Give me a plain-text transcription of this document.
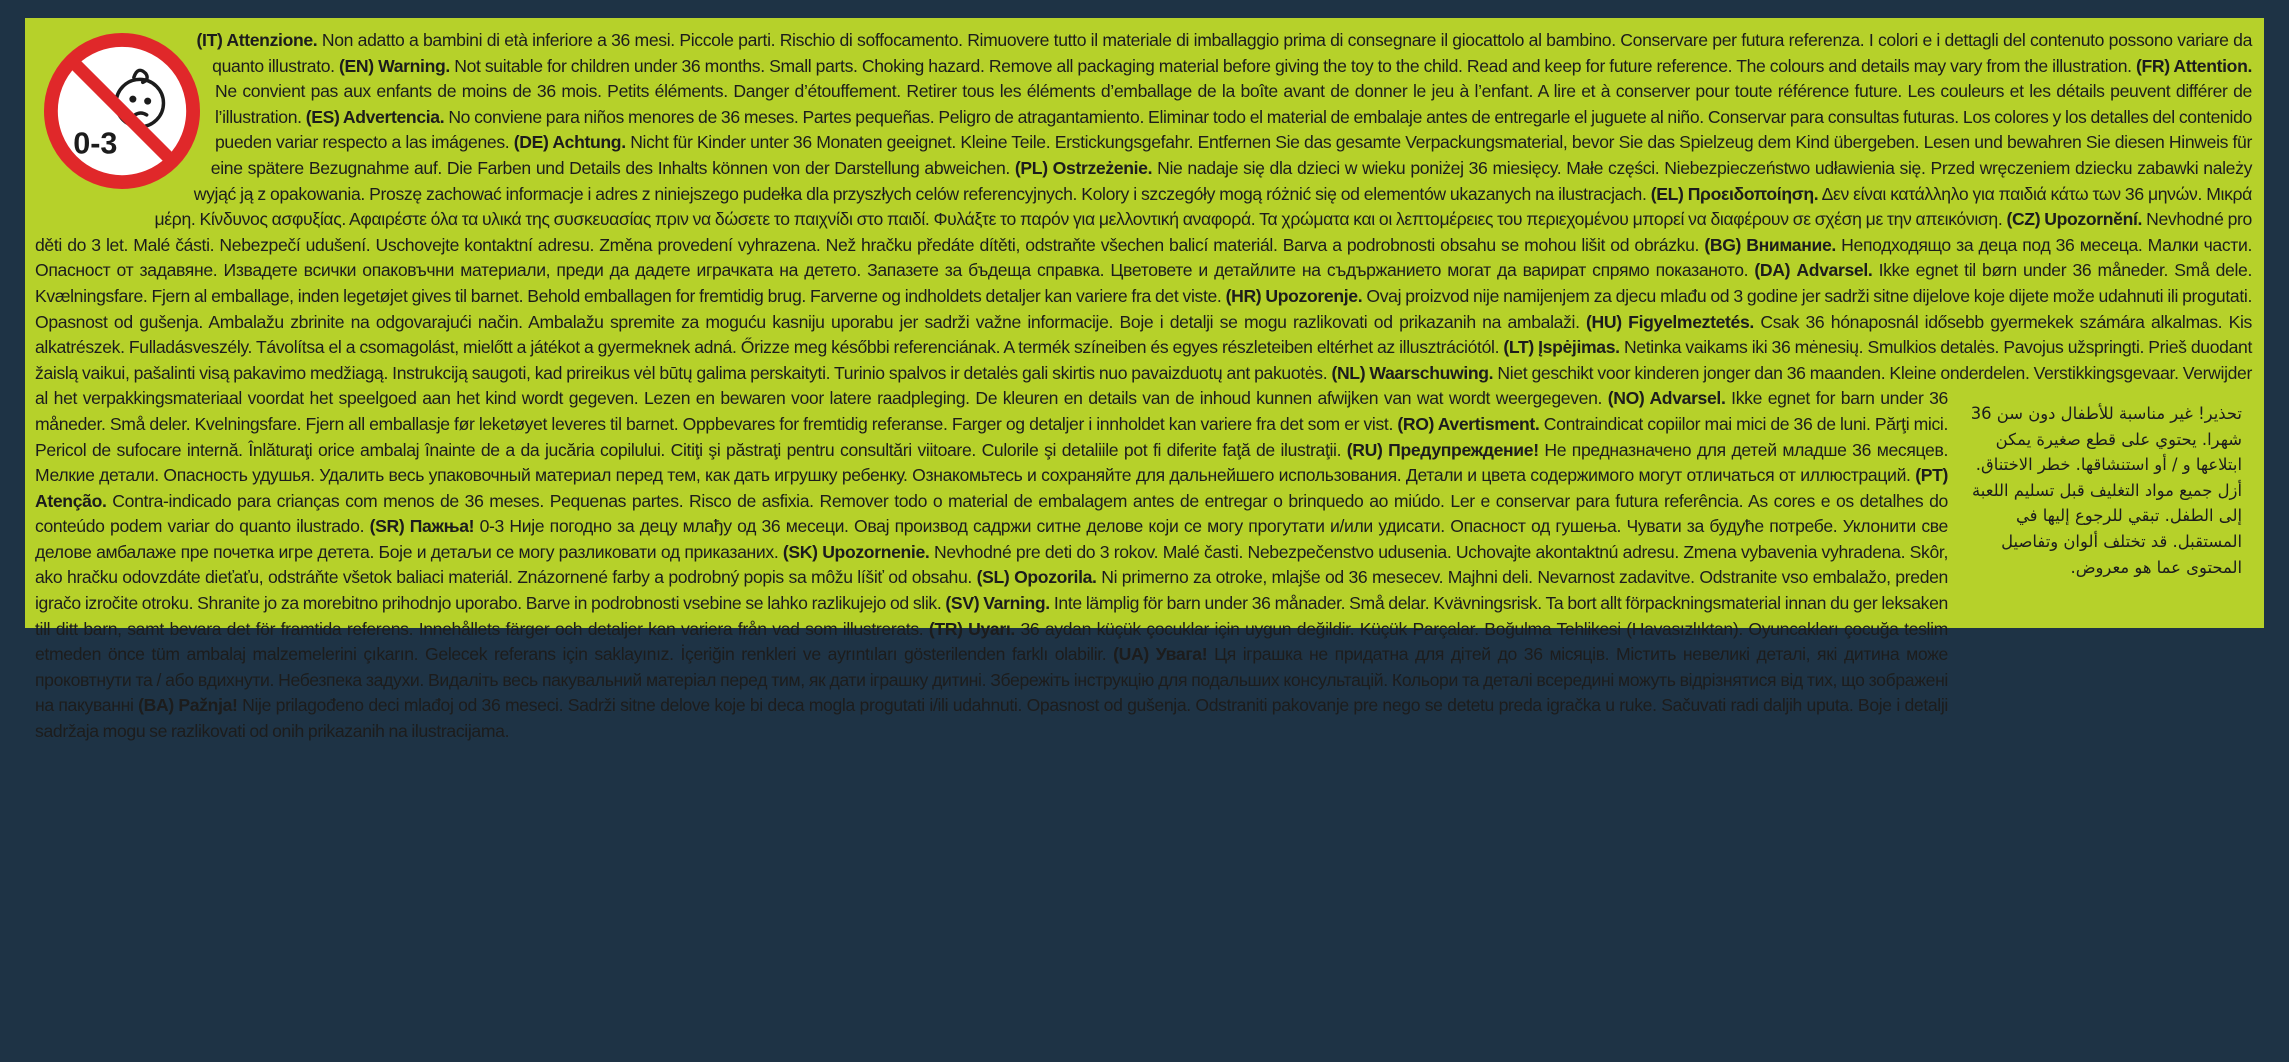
0-3
(IT) Attenzione. Non adatto a bambini di età inferiore a 36 mesi. Piccole parti. Rischio di soffocamento. Rimuovere tutto il materiale di imballaggio prima di consegnare il giocattolo al bambino. Conservare per futura referenza. I colori e i dettagli del contenuto possono variare da quanto illustrato. (EN) Warning. Not suitable for children under 36 months. Small parts. Choking hazard. Remove all packaging material before giving the toy to the child. Read and keep for future reference. The colours and details may vary from the illustration. (FR) Attention. Ne convient pas aux enfants de moins de 36 mois. Petits éléments. Danger d’étouffement. Retirer tous les éléments d’emballage de la boîte avant de donner le jeu à l’enfant. A lire et à conserver pour toute référence future. Les couleurs et les détails peuvent différer de l’illustration. (ES) Advertencia. No conviene para niños menores de 36 meses. Partes pequeñas. Peligro de atragantamiento. Eliminar todo el material de embalaje antes de entregarle el juguete al niño. Conservar para consultas futuras. Los colores y los detalles del contenido pueden variar respecto a las imágenes. (DE) Achtung. Nicht für Kinder unter 36 Monaten geeignet. Kleine Teile. Erstickungsgefahr. Entfernen Sie das gesamte Verpackungsmaterial, bevor Sie das Spielzeug dem Kind übergeben. Lesen und bewahren Sie diesen Hinweis für eine spätere Bezugnahme auf. Die Farben und Details des Inhalts können von der Darstellung abweichen. (PL) Ostrzeżenie. Nie nadaje się dla dzieci w wieku poniżej 36 miesięcy. Małe części. Niebezpieczeństwo udławienia się. Przed wręczeniem dziecku zabawki należy wyjąć ją z opakowania. Proszę zachować informacje i adres z niniejszego pudełka dla przyszłych celów referencyjnych. Kolory i szczegóły mogą różnić się od elementów ukazanych na ilustracjach. (EL) Προειδοποίηση. Δεν είναι κατάλληλο για παιδιά κάτω των 36 μηνών. Μικρά μέρη. Κίνδυνος ασφυξίας. Αφαιρέστε όλα τα υλικά της συσκευασίας πριν να δώσετε το παιχνίδι στο παιδί. Φυλάξτε το παρόν για μελλοντική αναφορά. Τα χρώματα και οι λεπτομέρειες του περιεχομένου μπορεί να διαφέρουν σε σχέση με την απεικόνιση. (CZ) Upozornění. Nevhodné pro děti do 3 let. Malé části. Nebezpečí udušení. Uschovejte kontaktní adresu. Změna provedení vyhrazena. Než hračku předáte dítěti, odstraňte všechen balicí materiál. Barva a podrobnosti obsahu se mohou lišit od obrázku. (BG) Внимание. Неподходящо за деца под 36 месеца. Малки части. Опасност от задавяне. Извадете всички опаковъчни материали, преди да дадете играчката на детето. Запазете за бъдеща справка. Цветовете и детайлите на съдържанието могат да варират спрямо показаното. (DA) Advarsel. Ikke egnet til børn under 36 måneder. Små dele. Kvælningsfare. Fjern al emballage, inden legetøjet gives til barnet. Behold emballagen for fremtidig brug. Farverne og indholdets detaljer kan variere fra det viste. (HR) Upozorenje. Ovaj proizvod nije namijenjem za djecu mlađu od 3 godine jer sadrži sitne dijelove koje dijete može udahnuti ili progutati. Opasnost od gušenja. Ambalažu zbrinite na odgovarajući način. Ambalažu spremite za moguću kasniju uporabu jer sadrži važne informacije. Boje i detalji se mogu razlikovati od prikazanih na ambalaži. (HU) Figyelmeztetés. Csak 36 hónaposnál idősebb gyermekek számára alkalmas. Kis alkatrészek. Fulladásveszély. Távolítsa el a csomagolást, mielőtt a játékot a gyermeknek adná. Őrizze meg későbbi referenciának. A termék színeiben és egyes részleteiben eltérhet az illusztrációtól. (LT) Įspėjimas. Netinka vaikams iki 36 mėnesių. Smulkios detalės. Pavojus užspringti. Prieš duodant žaislą vaikui, pašalinti visą pakavimo medžiagą. Instrukciją saugoti, kad prireikus vėl būtų galima perskaityti. Turinio spalvos ir detalės gali skirtis nuo pavaizduotų ant pakuotės. (NL) Waarschuwing. Niet geschikt voor kinderen jonger dan 36 maanden. Kleine onderdelen. Verstikkingsgevaar. Verwijder al het verpakkingsmateriaal voordat het speelgoed aan het kind wordt gegeven. Lezen en bewaren voor latere raadpleging. De kleuren en details van de inhoud kunnen afwijken van wat wordt weergegeven. (NO) Advarsel. Ikke egnet for barn under 36 måneder. Små deler. Kvelningsfare. Fjern all emballasje før leketøyet leveres til barnet. Oppbevares for fremtidig referanse. Farger og detaljer i innholdet kan variere fra det som er vist. (RO) Avertisment. Contraindicat copiilor mai mici de 36 de luni. Părţi mici. Pericol de sufocare internă. Înlăturaţi orice ambalaj înainte de a da jucăria copilului. Citiţi şi păstraţi pentru consultări viitoare. Culorile şi detaliile pot fi diferite faţă de ilustraţii. (RU) Предупреждение! Не предназначено для детей младше 36 месяцев. Мелкие детали. Опасность удушья. Удалить весь упаковочный материал перед тем, как дать игрушку ребенку. Ознакомьтесь и сохраняйте для дальнейшего использования. Детали и цвета содержимого могут отличаться от иллюстраций. (PT) Atenção. Contra-indicado para crianças com menos de 36 meses. Pequenas partes. Risco de asfixia. Remover todo o material de embalagem antes de entregar o brinquedo ao miúdo. Ler e conservar para futura referência. As cores e os detalhes do conteúdo podem variar do quanto ilustrado. (SR) Пажња! 0-3 Није погодно за децу млађу од 36 месеци. Овај производ садржи ситне делове који се могу прогутати и/или удисати. Опасност од гушења. Чувати за будуће потребе. Уклонити све делове амбалаже пре почетка игре детета. Боје и детаљи се могу разликовати од приказаних. (SK) Upozornenie. Nevhodné pre deti do 3 rokov. Malé časti. Nebezpečenstvo udusenia. Uchovajte akontaktnú adresu. Zmena vybavenia vyhradena. Skôr, ako hračku odovzdáte dieťaťu, odstráňte všetok baliaci materiál. Znázornené farby a podrobný popis sa môžu líšiť od obsahu. (SL) Opozorila. Ni primerno za otroke, mlajše od 36 mesecev. Majhni deli. Nevarnost zadavitve. Odstranite vso embalažo, preden igračo izročite otroku. Shranite jo za morebitno prihodnjo uporabo. Barve in podrobnosti vsebine se lahko razlikujejo od slik. (SV) Varning. Inte lämplig för barn under 36 månader. Små delar. Kvävningsrisk. Ta bort allt förpackningsmaterial innan du ger leksaken till ditt barn, samt bevara det för framtida referens. Innehållets färger och detaljer kan variera från vad som illustrerats. (TR) Uyarı. 36 aydan küçük çocuklar için uygun değildir. Küçük Parçalar. Boğulma Tehlikesi (Havasızlıktan). Oyuncakları çocuğa teslim etmeden önce tüm ambalaj malzemelerini çıkarın. Gelecek referans için saklayınız. İçeriğin renkleri ve ayrıntıları gösterilenden farklı olabilir. (UA) Увага! Ця іграшка не придатна для дітей до 36 місяців. Містить невеликі деталі, які дитина може проковтнути та / або вдихнути. Небезпека задухи. Видаліть весь пакувальний матеріал перед тим, як дати іграшку дитині. Збережіть інструкцію для подальших консультацій. Кольори та деталі всередині можуть відрізнятися від тих, що зображені на пакуванні (BA) Pažnja! Nije prilagođeno deci mlađoj od 36 meseci. Sadrži sitne delove koje bi deca mogla progutati i/ili udahnuti. Opasnost od gušenja. Odstraniti pakovanje pre nego se detetu preda igračka u ruke. Sačuvati radi daljih uputa. Boje i detalji sadržaja mogu se razlikovati od onih prikazanih na ilustracijama.
تحذير! غير مناسبة للأطفال دون سن 36 شهرا. يحتوي على قطع صغيرة يمكن ابتلاعها و / أو استنشاقها. خطر الاختناق. أزل جميع مواد التغليف قبل تسليم اللعبة إلى الطفل. تبقي للرجوع إليها في المستقبل. قد تختلف ألوان وتفاصيل المحتوى عما هو معروض.
